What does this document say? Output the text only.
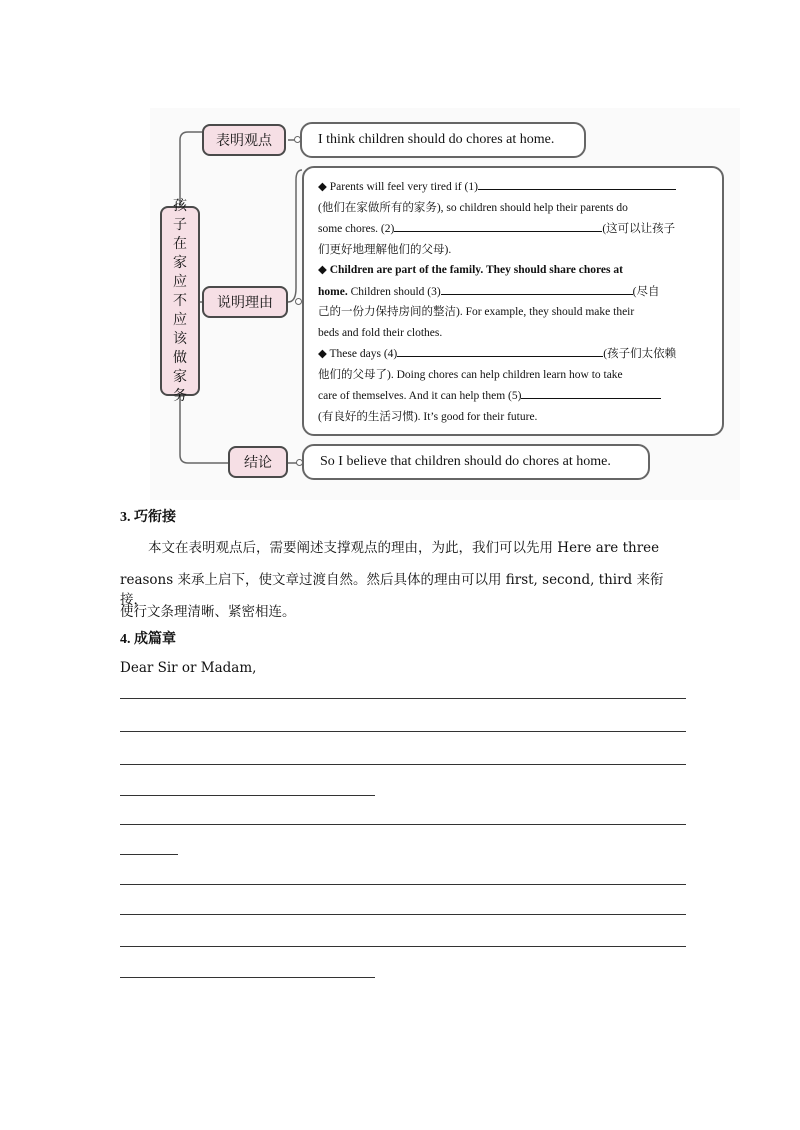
孩
子
在
家
应
不
应
该
做
家
务
表明观点	I think children should do chores at home.
说明理由
◆ Parents will feel very tired if (1)
(他们在家做所有的家务), so children should help their parents do
some chores. (2)	(这可以让孩子
们更好地理解他们的父母).
◆ Children are part of the family. They should share chores at
home. Children should (3)	(尽自
己的一份力保持房间的整洁). For example, they should make their
beds and fold their clothes.
◆ These days (4)	(孩子们太依赖
他们的父母了). Doing chores can help children learn how to take
care of themselves. And it can help them (5)
(有良好的生活习惯). It’s good for their future.
结论	So I believe that children should do chores at home.
3. 巧衔接
本文在表明观点后，需要阐述支撑观点的理由，为此，我们可以先用 Here are three
reasons 来承上启下，使文章过渡自然。然后具体的理由可以用 first, second, third 来衔接，
使行文条理清晰、紧密相连。
4. 成篇章
Dear Sir or Madam,
